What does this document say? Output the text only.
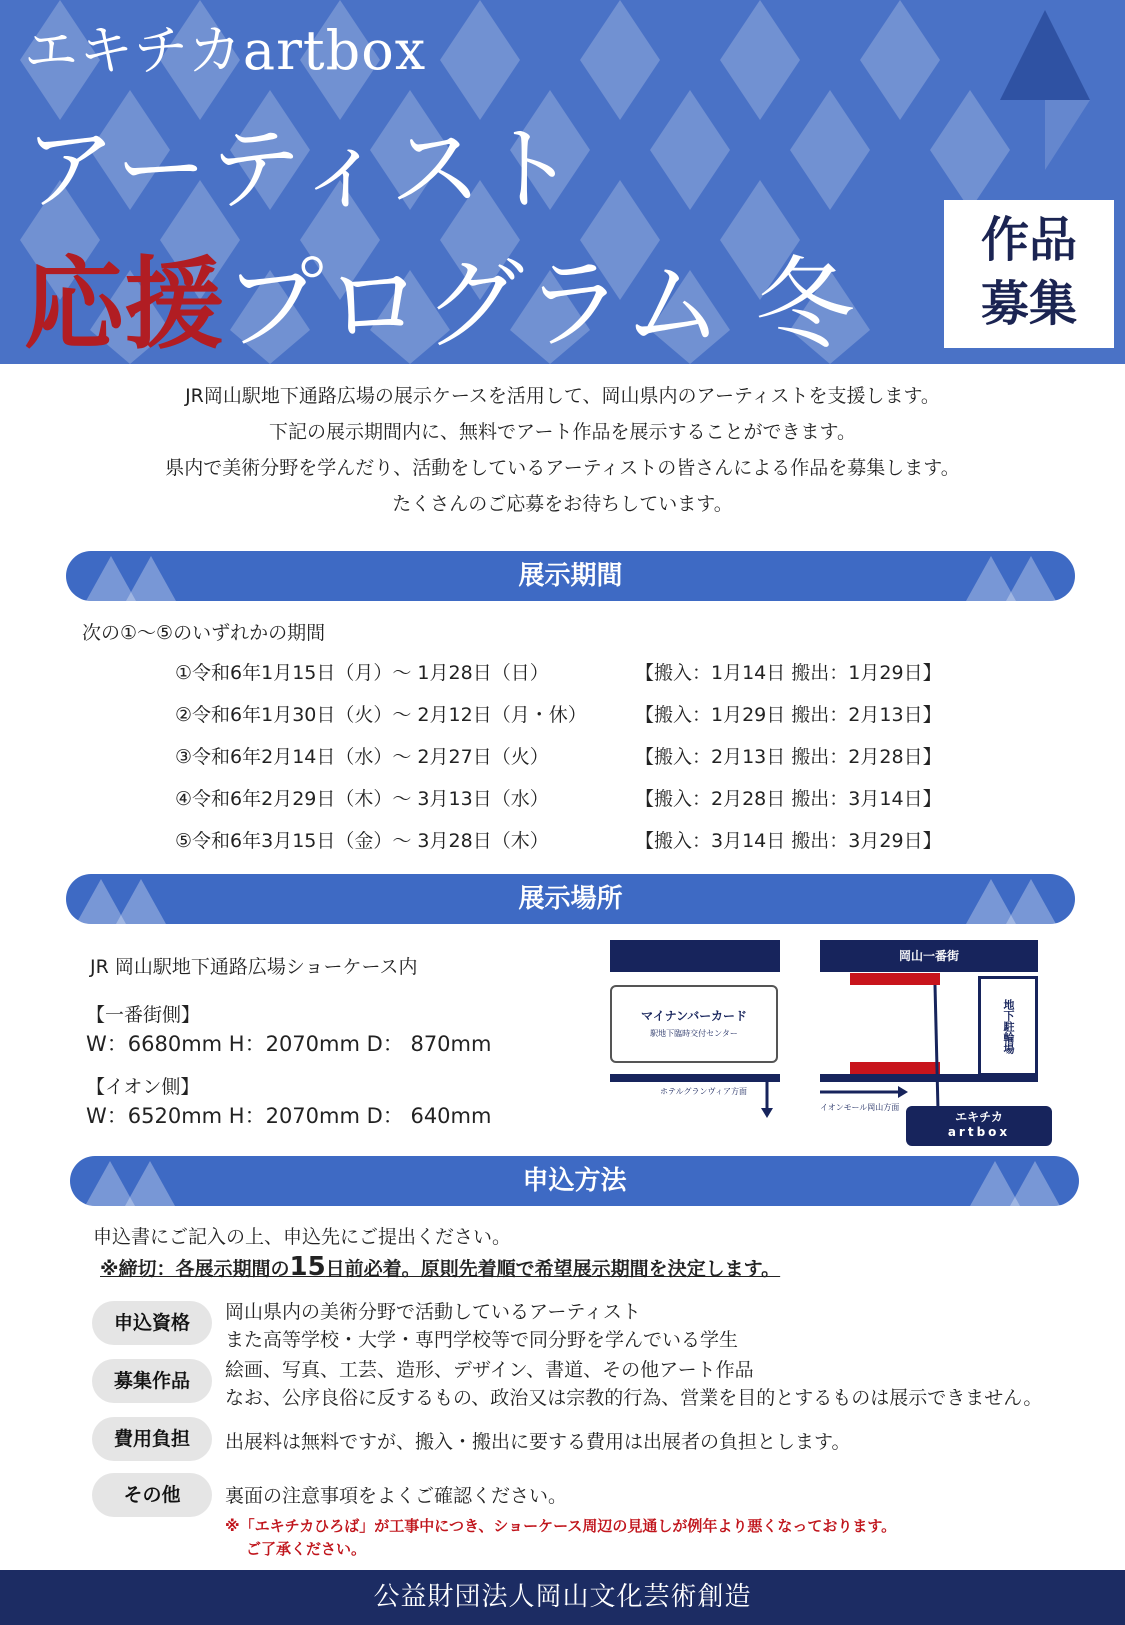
エキチカartbox
アーティスト
応援プログラム 冬
作品
募集
JR岡山駅地下通路広場の展示ケースを活用して、岡山県内のアーティストを支援します。
下記の展示期間内に、無料でアート作品を展示することができます。
県内で美術分野を学んだり、活動をしているアーティストの皆さんによる作品を募集します。
たくさんのご応募をお待ちしています。
展示期間
次の①～⑤のいずれかの期間
①令和6年1月15日（月）～ 1月28日（日）	【搬入：1月14日 搬出：1月29日】
②令和6年1月30日（火）～ 2月12日（月・休）	【搬入：1月29日 搬出：2月13日】
③令和6年2月14日（水）～ 2月27日（火）	【搬入：2月13日 搬出：2月28日】
④令和6年2月29日（木）～ 3月13日（水）	【搬入：2月28日 搬出：3月14日】
⑤令和6年3月15日（金）～ 3月28日（木）	【搬入：3月14日 搬出：3月29日】
展示場所
JR 岡山駅地下通路広場ショーケース内
【一番街側】
W：6680mm H：2070mm D： 870mm
【イオン側】
W：6520mm H：2070mm D： 640mm
岡山一番街
地下駐輪場
マイナンバーカード
駅地下臨時交付センター
ホテルグランヴィア方面
イオンモール岡山方面
エキチカ
artbox
申込方法
申込書にご記入の上、申込先にご提出ください。
※締切：各展示期間の15日前必着。原則先着順で希望展示期間を決定します。
申込資格	岡山県内の美術分野で活動しているアーティスト
また高等学校・大学・専門学校等で同分野を学んでいる学生
募集作品	絵画、写真、工芸、造形、デザイン、書道、その他アート作品
なお、公序良俗に反するもの、政治又は宗教的行為、営業を目的とするものは展示できません。
費用負担	出展料は無料ですが、搬入・搬出に要する費用は出展者の負担とします。
その他	裏面の注意事項をよくご確認ください。
※「エキチカひろば」が工事中につき、ショーケース周辺の見通しが例年より悪くなっております。
ご了承ください。
公益財団法人岡山文化芸術創造
